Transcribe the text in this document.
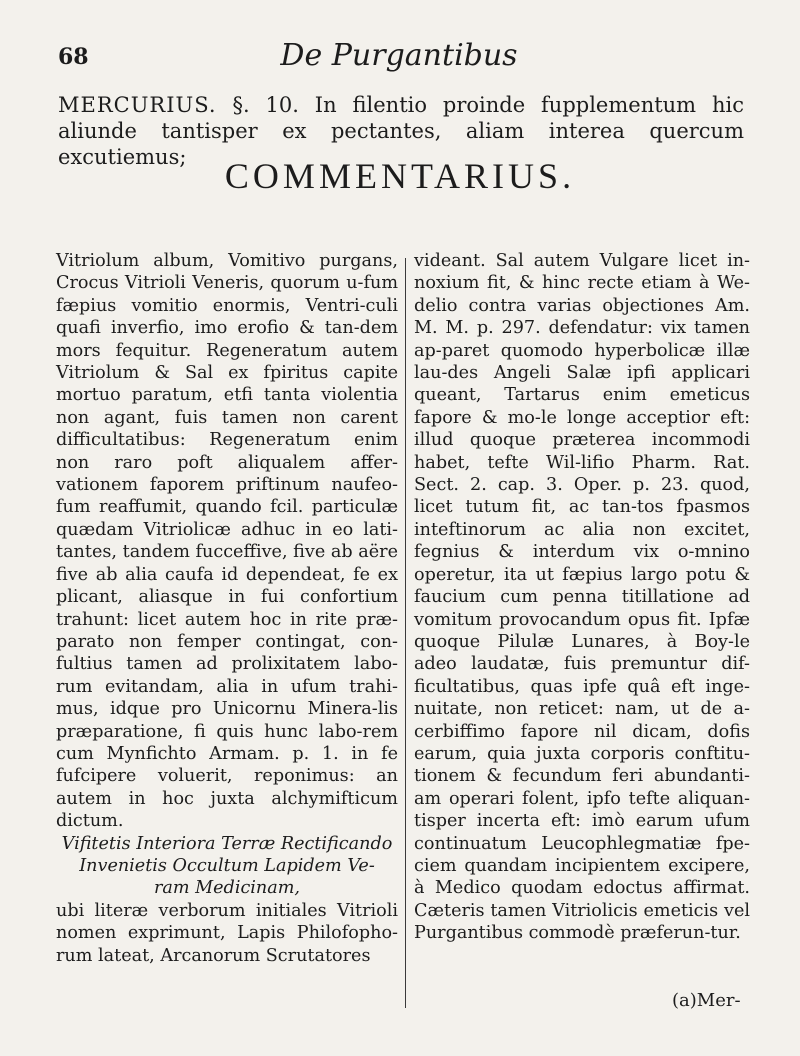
68	De Purgantibus
MERCURIUS. §. 10. In filentio proinde fupplementum hic aliunde tantisper ex pectantes, aliam interea quercum excutiemus;	COMMENTARIUS.

Vitriolum album, Vomitivo purgans, Crocus Vitrioli Veneris, quorum u-fum fæpius vomitio enormis, Ventri-culi quafi inverfio, imo erofio & tan-dem mors fequitur. Regeneratum autem Vitriolum & Sal ex fpiritus capite mortuo paratum, etfi tanta violentia non agant, fuis tamen non carent difficultatibus: Regeneratum enim non raro poft aliqualem affer-vationem faporem priftinum naufeo-fum reaffumit, quando fcil. particulæ quædam Vitriolicæ adhuc in eo lati-tantes, tandem fucceffive, five ab aëre five ab alia caufa id dependeat, fe ex plicant, aliasque in fui confortium trahunt: licet autem hoc in rite præ-parato non femper contingat, con-fultius tamen ad prolixitatem labo-rum evitandam, alia in ufum trahi-mus, idque pro Unicornu Minera-lis præparatione, fi quis hunc labo-rem cum Mynfichto Armam. p. 1. in fe fufcipere voluerit, reponimus: an autem in hoc juxta alchymifticum dictum.

Vifitetis Interiora Terræ Rectificando

Invenietis Occultum Lapidem Ve-

ram Medicinam,

ubi literæ verborum initiales Vitrioli nomen exprimunt, Lapis Philofopho-rum lateat, Arcanorum Scrutatores

videant. Sal autem Vulgare licet in-noxium fit, & hinc recte etiam à We-delio contra varias objectiones Am. M. M. p. 297. defendatur: vix tamen ap-paret quomodo hyperbolicæ illæ lau-des Angeli Salæ ipfi applicari queant, Tartarus enim emeticus fapore & mo-le longe acceptior eft: illud quoque præterea incommodi habet, tefte Wil-lifio Pharm. Rat. Sect. 2. cap. 3. Oper. p. 23. quod, licet tutum fit, ac tan-tos fpasmos inteftinorum ac alia non excitet, fegnius & interdum vix o-mnino operetur, ita ut fæpius largo potu & faucium cum penna titillatione ad vomitum provocandum opus fit. Ipfæ quoque Pilulæ Lunares, à Boy-le adeo laudatæ, fuis premuntur dif-ficultatibus, quas ipfe quâ eft inge-nuitate, non reticet: nam, ut de a-cerbiffimo fapore nil dicam, dofis earum, quia juxta corporis conftitu-tionem & fecundum feri abundanti-am operari folent, ipfo tefte aliquan-tisper incerta eft: imò earum ufum continuatum Leucophlegmatiæ fpe-ciem quandam incipientem excipere, à Medico quodam edoctus affirmat. Cæteris tamen Vitriolicis emeticis vel Purgantibus commodè præferun-tur.

(a)Mer-
